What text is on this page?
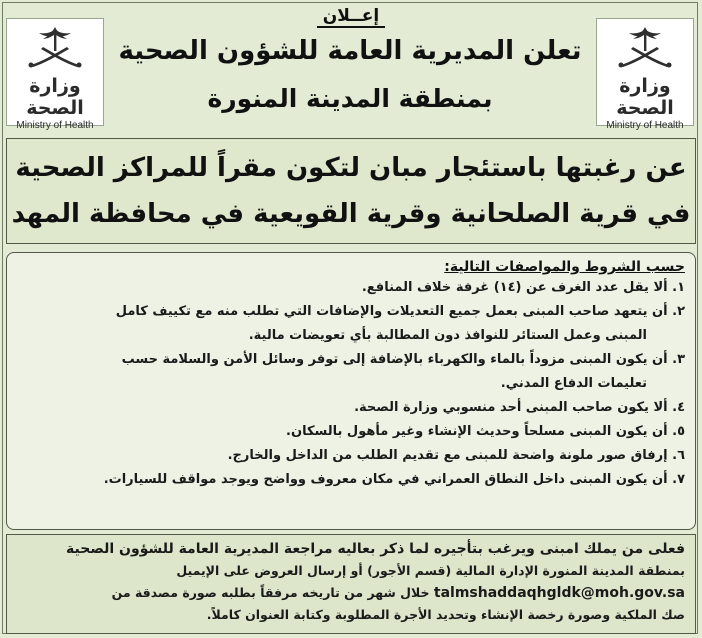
إعــلان
وزارة الصحة
Ministry of Health
وزارة الصحة
Ministry of Health
تعلن المديرية العامة للشؤون الصحية
بمنطقة المدينة المنورة
عن رغبتها باستئجار مبان لتكون مقراً للمراكز الصحية
في قرية الصلحانية وقرية القويعية في محافظة المهد
حسب الشروط والمواصفات التالية:
١. ألا يقل عدد الغرف عن (١٤) غرفة خلاف المنافع.
٢. أن يتعهد صاحب المبنى بعمل جميع التعديلات والإضافات التي تطلب منه مع تكييف كامل
المبنى وعمل الستائر للنوافذ دون المطالبة بأي تعويضات مالية.
٣. أن يكون المبنى مزوداً بالماء والكهرباء بالإضافة إلى توفر وسائل الأمن والسلامة حسب
تعليمات الدفاع المدني.
٤. ألا يكون صاحب المبنى أحد منسوبي وزارة الصحة.
٥. أن يكون المبنى مسلحاً وحديث الإنشاء وغير مأهول بالسكان.
٦. إرفاق صور ملونة واضحة للمبنى مع تقديم الطلب من الداخل والخارج.
٧. أن يكون المبنى داخل النطاق العمراني في مكان معروف وواضح ويوجد مواقف للسيارات.

فعلى من يملك امبنى ويرغب بتأجيره لما ذكر بعاليه مراجعة المديرية العامة للشؤون الصحية

بمنطقة المدينة المنورة الإدارة المالية (قسم الأجور) أو إرسال العروض على الإيميل

talmshaddaqhgldk@moh.gov.sa خلال شهر من تاريخه مرفقاً بطلبه صورة مصدقة من

صك الملكية وصورة رخصة الإنشاء وتحديد الأجرة المطلوبة وكتابة العنوان كاملاً.
